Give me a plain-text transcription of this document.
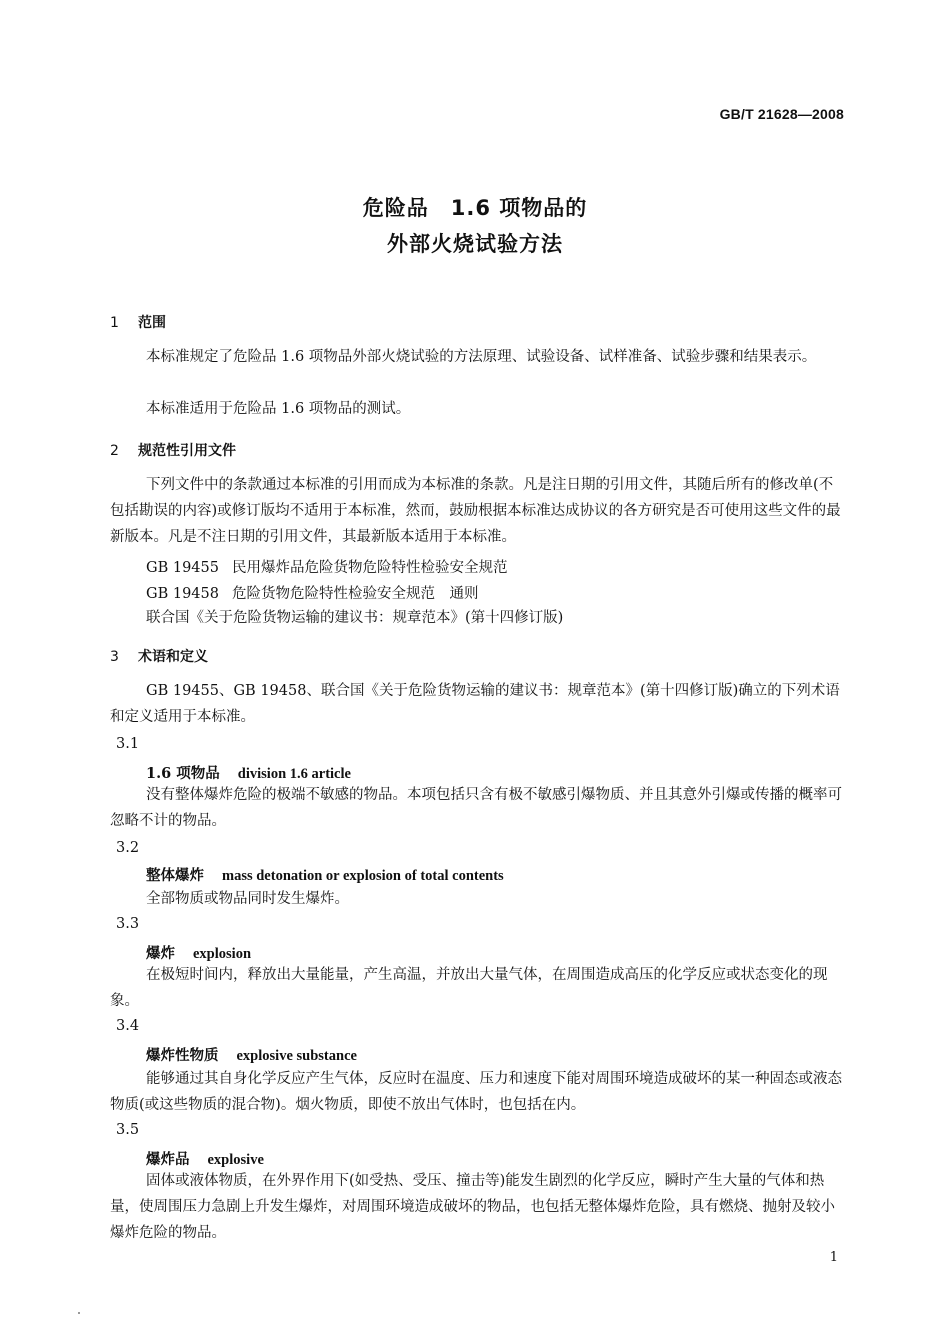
GB/T 21628—2008
危险品　1.6 项物品的
外部火烧试验方法
1 范围
本标准规定了危险品 1.6 项物品外部火烧试验的方法原理、试验设备、试样准备、试验步骤和结果表示。
本标准适用于危险品 1.6 项物品的测试。
2 规范性引用文件
下列文件中的条款通过本标准的引用而成为本标准的条款。凡是注日期的引用文件，其随后所有的修改单(不包括勘误的内容)或修订版均不适用于本标准，然而，鼓励根据本标准达成协议的各方研究是否可使用这些文件的最新版本。凡是不注日期的引用文件，其最新版本适用于本标准。
GB 19455 民用爆炸品危险货物危险特性检验安全规范
GB 19458 危险货物危险特性检验安全规范　通则
联合国《关于危险货物运输的建议书：规章范本》(第十四修订版)
3 术语和定义
GB 19455、GB 19458、联合国《关于危险货物运输的建议书：规章范本》(第十四修订版)确立的下列术语和定义适用于本标准。
3.1
1.6 项物品 division 1.6 article
没有整体爆炸危险的极端不敏感的物品。本项包括只含有极不敏感引爆物质、并且其意外引爆或传播的概率可忽略不计的物品。
3.2
整体爆炸 mass detonation or explosion of total contents
全部物质或物品同时发生爆炸。
3.3
爆炸 explosion
在极短时间内，释放出大量能量，产生高温，并放出大量气体，在周围造成高压的化学反应或状态变化的现象。
3.4
爆炸性物质 explosive substance
能够通过其自身化学反应产生气体，反应时在温度、压力和速度下能对周围环境造成破坏的某一种固态或液态物质(或这些物质的混合物)。烟火物质，即使不放出气体时，也包括在内。
3.5
爆炸品 explosive
固体或液体物质，在外界作用下(如受热、受压、撞击等)能发生剧烈的化学反应，瞬时产生大量的气体和热量，使周围压力急剧上升发生爆炸，对周围环境造成破坏的物品，也包括无整体爆炸危险，具有燃烧、抛射及较小爆炸危险的物品。
1
